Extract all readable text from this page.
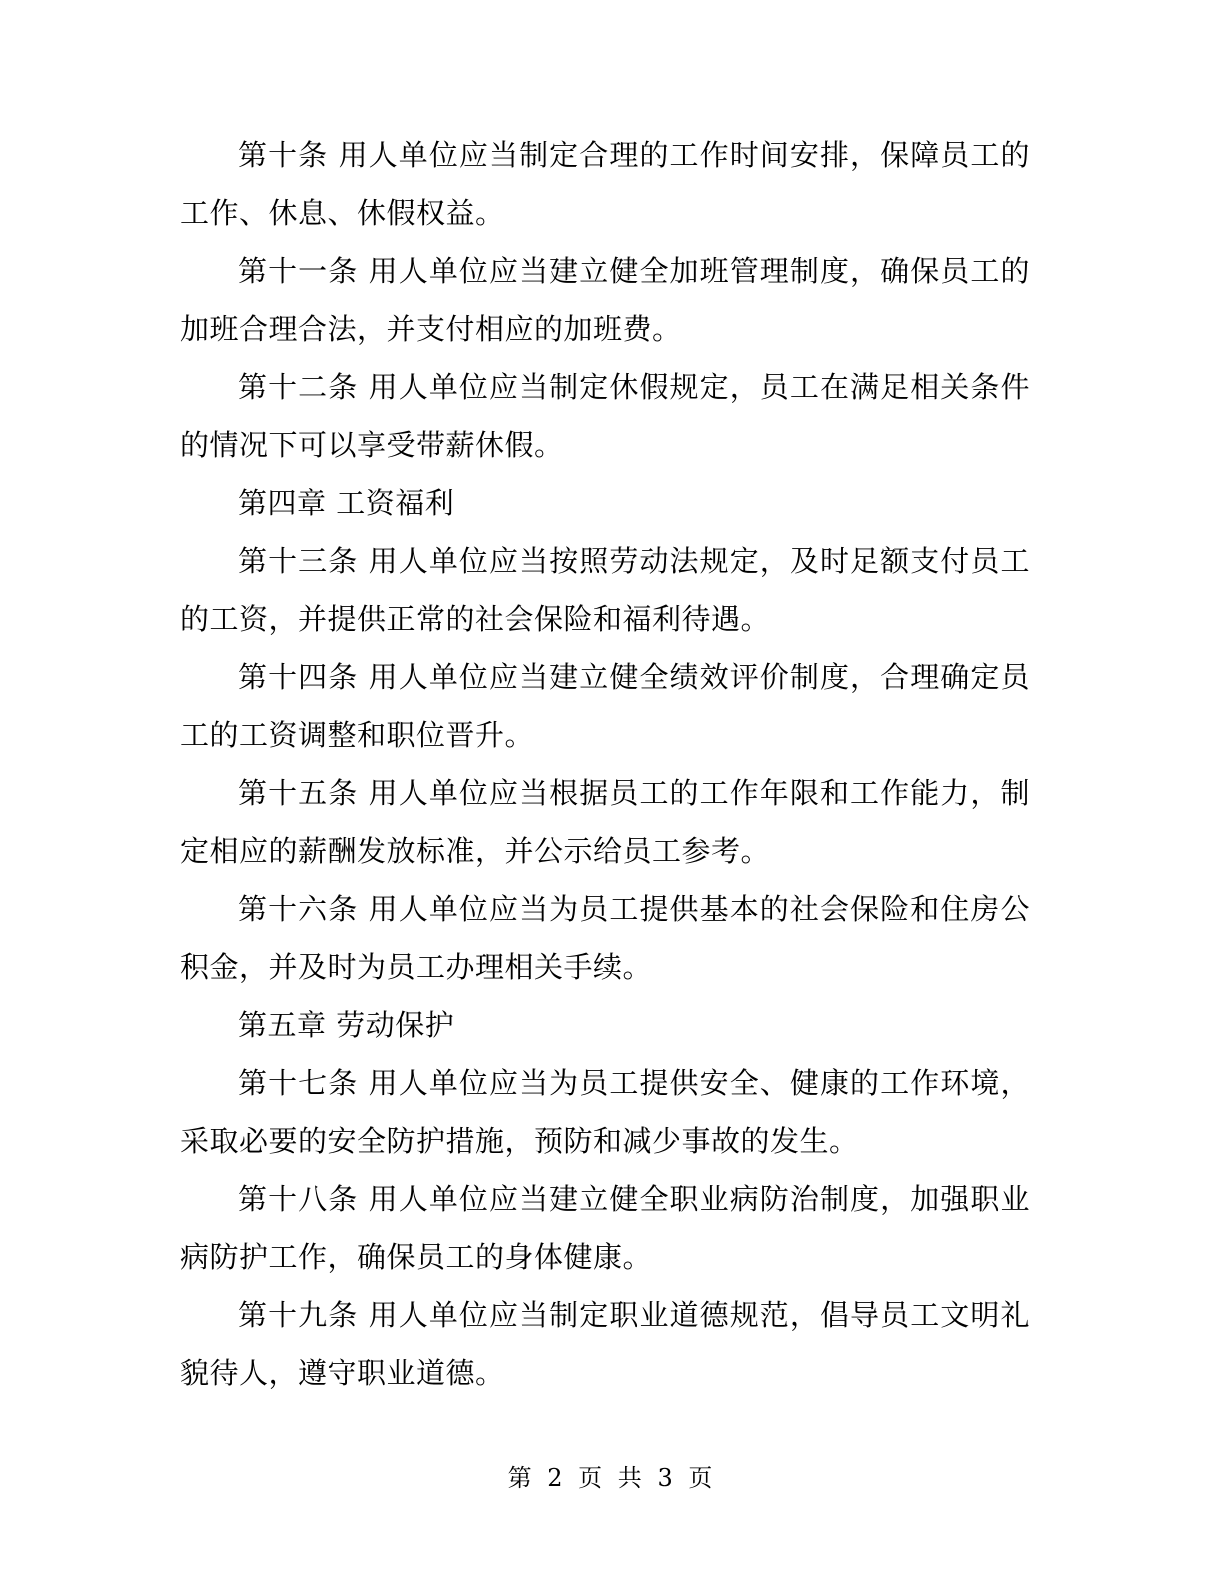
第十条 用人单位应当制定合理的工作时间安排，保障员工的工作、休息、休假权益。

第十一条 用人单位应当建立健全加班管理制度，确保员工的加班合理合法，并支付相应的加班费。

第十二条 用人单位应当制定休假规定，员工在满足相关条件的情况下可以享受带薪休假。

第四章 工资福利

第十三条 用人单位应当按照劳动法规定，及时足额支付员工的工资，并提供正常的社会保险和福利待遇。

第十四条 用人单位应当建立健全绩效评价制度，合理确定员工的工资调整和职位晋升。

第十五条 用人单位应当根据员工的工作年限和工作能力，制定相应的薪酬发放标准，并公示给员工参考。

第十六条 用人单位应当为员工提供基本的社会保险和住房公积金，并及时为员工办理相关手续。

第五章 劳动保护

第十七条 用人单位应当为员工提供安全、健康的工作环境，采取必要的安全防护措施，预防和减少事故的发生。

第十八条 用人单位应当建立健全职业病防治制度，加强职业病防护工作，确保员工的身体健康。

第十九条 用人单位应当制定职业道德规范，倡导员工文明礼貌待人，遵守职业道德。

第 2 页 共 3 页
